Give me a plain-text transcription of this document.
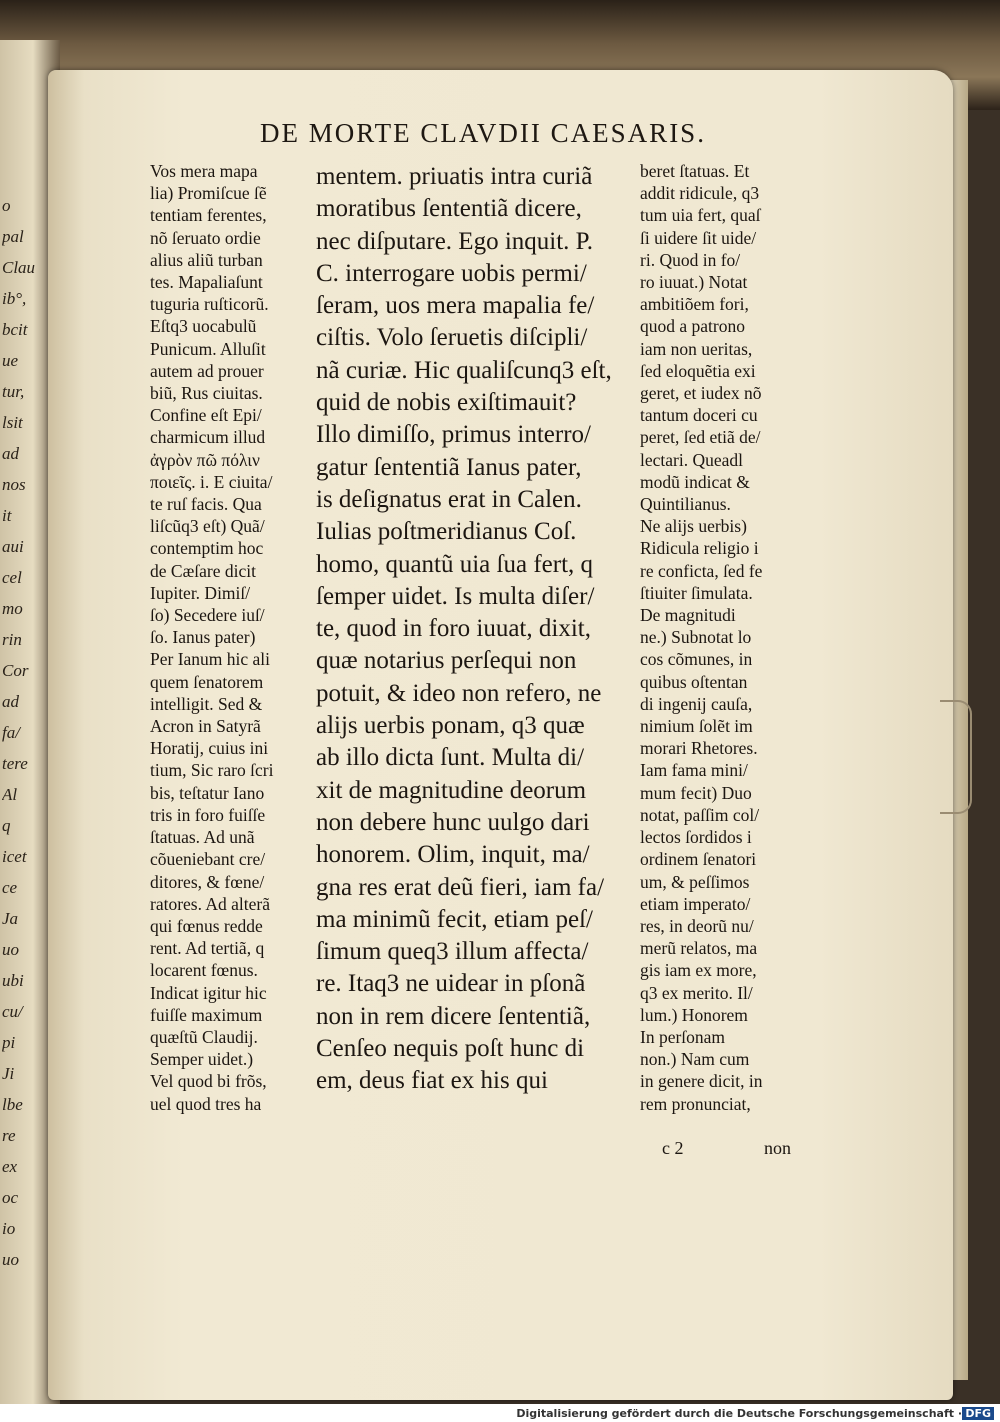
o
pal
Clau
ib°,
bcit
ue
tur,
lsit
ad
nos
it
aui
cel
mo
rin
Cor
ad
fa/
tere
Al
q
icet
ce
Ja
uo
ubi
cu/
pi
Ji
lbe
re
ex
oc
io
uo
DE MORTE CLAVDII CAESARIS.
Vos mera mapa
lia) Promiſcue ſẽ
tentiam ferentes,
nõ ſeruato ordie
alius aliũ turban
tes. Mapaliaſunt
tuguria ruſticorũ.
Eſtq3 uocabulũ
Punicum. Alluſit
autem ad prouer
biũ, Rus ciuitas.
Confine eſt Epi/
charmicum illud
ἀγρὸν πῶ πόλιν
ποιεῖς. i. E ciuita/
te ruſ facis. Qua
liſcũq3 eſt) Quã/
contemptim hoc
de Cæſare dicit
Iupiter. Dimiſ/
ſo) Secedere iuſ/
ſo. Ianus pater)
Per Ianum hic ali
quem ſenatorem
intelligit. Sed &
Acron in Satyrã
Horatij, cuius ini
tium, Sic raro ſcri
bis, teſtatur Iano
tris in foro fuiſſe
ſtatuas. Ad unã
cõueniebant cre/
ditores, & fœne/
ratores. Ad alterã
qui fœnus redde
rent. Ad tertiã, q
locarent fœnus.
Indicat igitur hic
fuiſſe maximum
quæſtũ Claudij.
Semper uidet.)
Vel quod bi frõs,
uel quod tres ha
mentem. priuatis intra curiã
moratibus ſententiã dicere,
nec diſputare. Ego inquit. P.
C. interrogare uobis permi/
ſeram, uos mera mapalia fe/
ciſtis. Volo ſeruetis diſcipli/
nã curiæ. Hic qualiſcunq3 eſt,
quid de nobis exiſtimauit?
Illo dimiſſo, primus interro/
gatur ſententiã Ianus pater,
is deſignatus erat in Calen.
Iulias poſtmeridianus Coſ.
homo, quantũ uia ſua fert, q
ſemper uidet. Is multa diſer/
te, quod in foro iuuat, dixit,
quæ notarius perſequi non
potuit, & ideo non refero, ne
alijs uerbis ponam, q3 quæ
ab illo dicta ſunt. Multa di/
xit de magnitudine deorum
non debere hunc uulgo dari
honorem. Olim, inquit, ma/
gna res erat deũ fieri, iam fa/
ma minimũ fecit, etiam peſ/
ſimum queq3 illum affecta/
re. Itaq3 ne uidear in pſonã
non in rem dicere ſententiã,
Cenſeo nequis poſt hunc di
em, deus fiat ex his qui
beret ſtatuas. Et
addit ridicule, q3
tum uia fert, quaſ
ſi uidere ſit uide/
ri. Quod in fo/
ro iuuat.) Notat
ambitiõem fori,
quod a patrono
iam non ueritas,
ſed eloquẽtia exi
geret, et iudex nõ
tantum doceri cu
peret, ſed etiã de/
lectari. Queadl
modũ indicat &
Quintilianus.
Ne alijs uerbis)
Ridicula religio i
re conficta, ſed fe
ſtiuiter ſimulata.
De magnitudi
ne.) Subnotat lo
cos cõmunes, in
quibus oſtentan
di ingenij cauſa,
nimium ſolẽt im
morari Rhetores.
Iam fama mini/
mum fecit) Duo
notat, paſſim col/
lectos ſordidos i
ordinem ſenatori
um, & peſſimos
etiam imperato/
res, in deorũ nu/
merũ relatos, ma
gis iam ex more,
q3 ex merito. Il/
lum.) Honorem
In perſonam
non.) Nam cum
in genere dicit, in
rem pronunciat,
c 2	non
Digitalisierung gefördert durch die Deutsche Forschungsgemeinschaft · DFG
